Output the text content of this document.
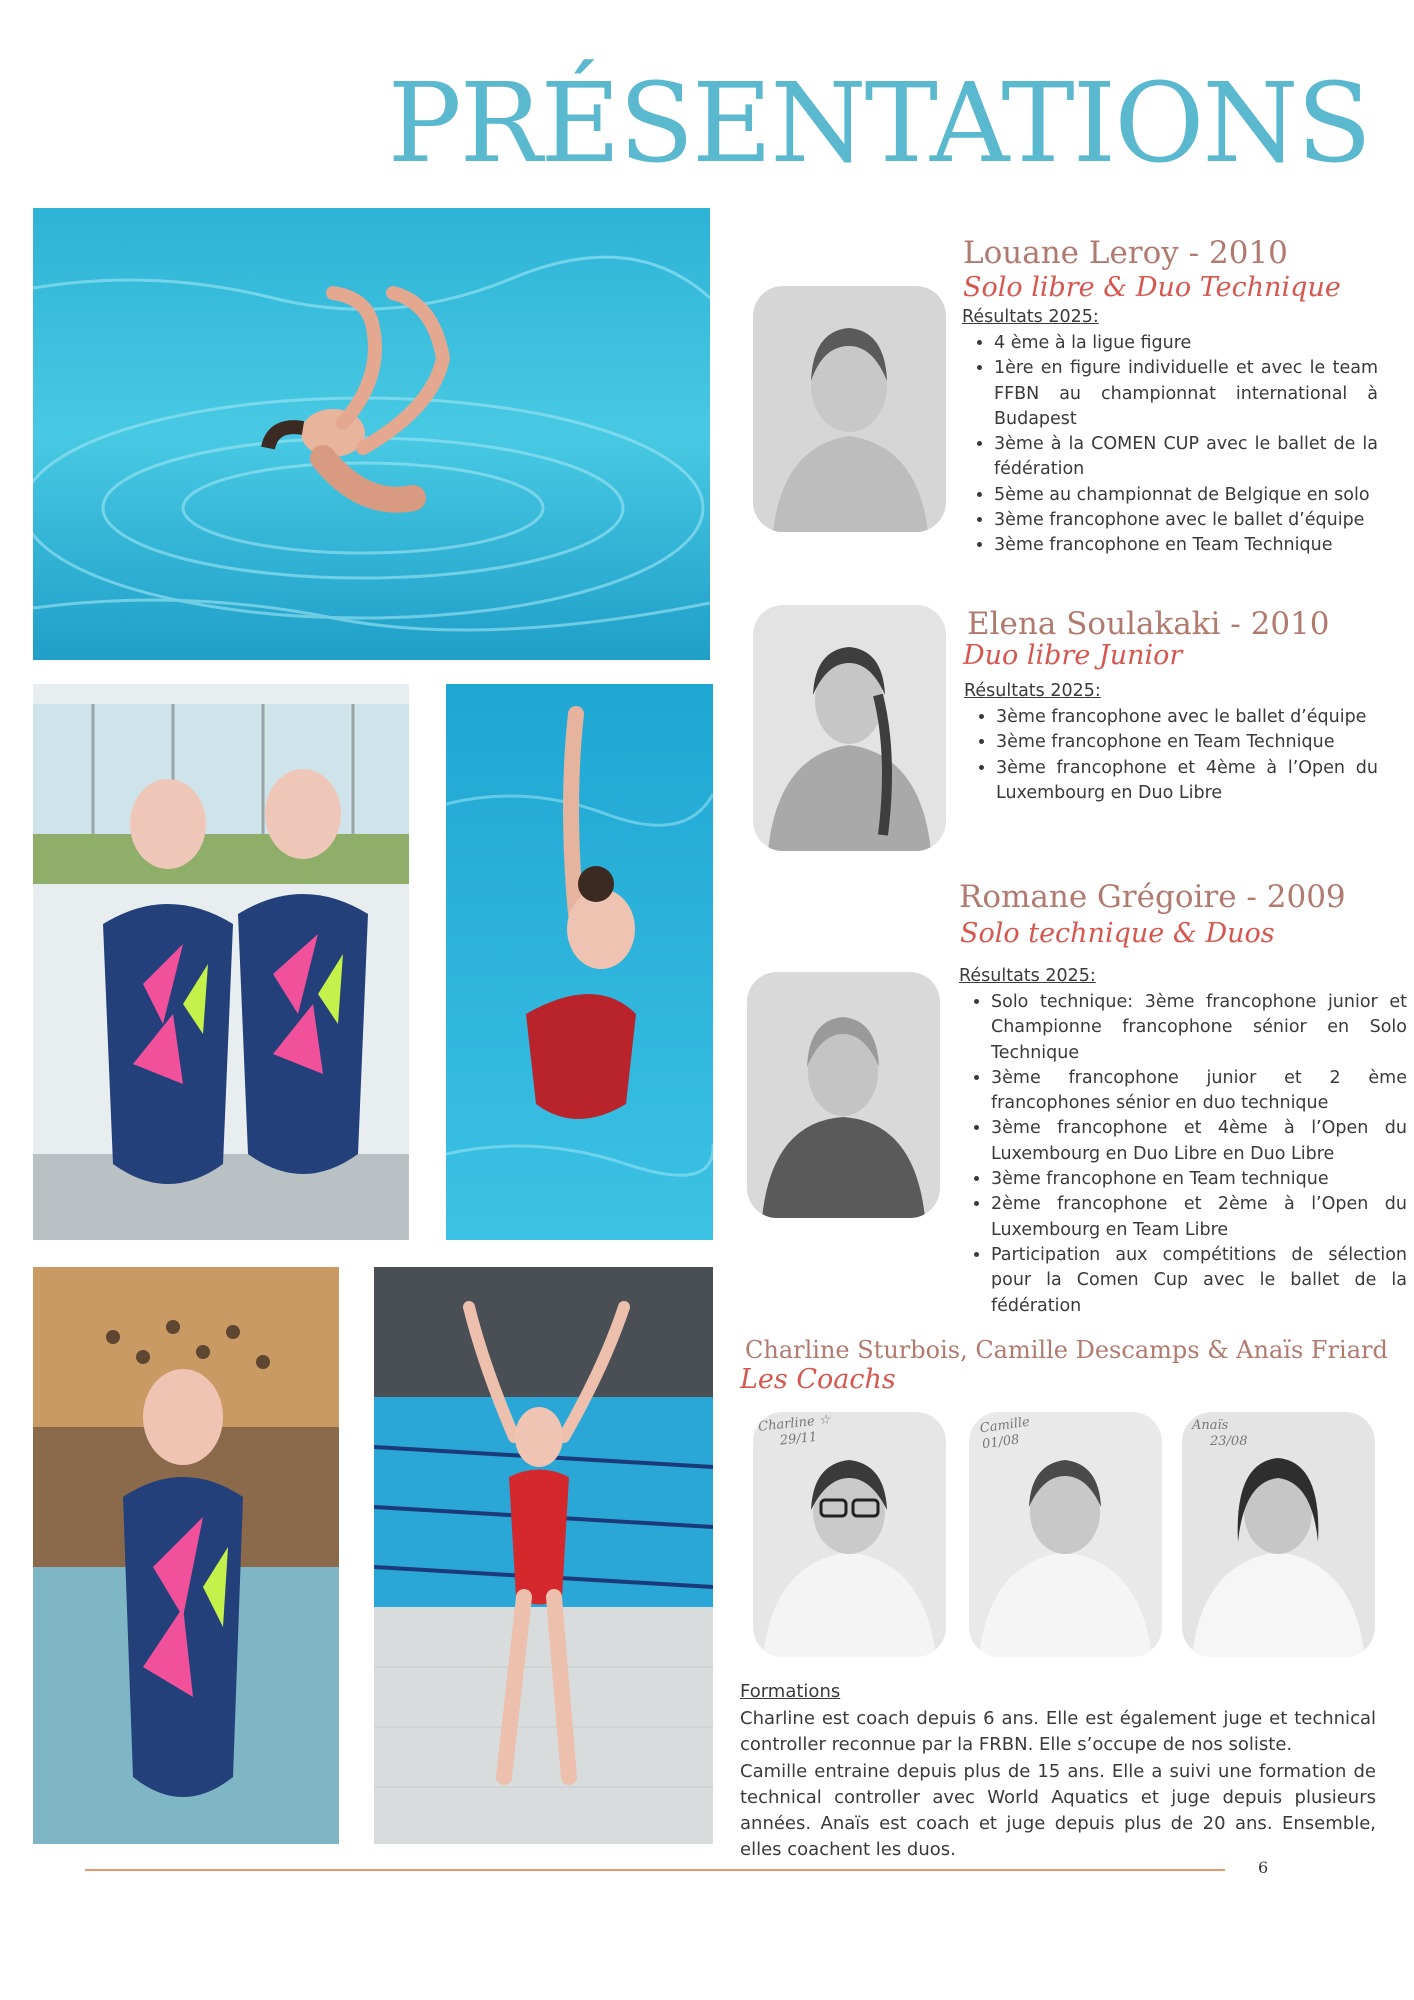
PRÉSENTATIONS
Louane Leroy - 2010
Solo libre & Duo Technique
Résultats 2025:
• 4 ème à la ligue figure
• 1ère en figure individuelle et avec le team FFBN au championnat international à Budapest
• 3ème à la COMEN CUP avec le ballet de la fédération
• 5ème au championnat de Belgique en solo
• 3ème francophone avec le ballet d’équipe
• 3ème francophone en Team Technique
Elena Soulakaki - 2010
Duo libre Junior
Résultats 2025:
• 3ème francophone avec le ballet d’équipe
• 3ème francophone en Team Technique
• 3ème francophone et 4ème à l’Open du Luxembourg en Duo Libre
Romane Grégoire - 2009
Solo technique & Duos
Résultats 2025:
• Solo technique: 3ème francophone junior et Championne francophone sénior en Solo Technique
• 3ème francophone junior et 2 ème francophones sénior en duo technique
• 3ème francophone et 4ème à l’Open du Luxembourg en Duo Libre en Duo Libre
• 3ème francophone en Team technique
• 2ème francophone et 2ème à l’Open du Luxembourg en Team Libre
• Participation aux compétitions de sélection pour la Comen Cup avec le ballet de la fédération
Charline Sturbois, Camille Descamps & Anaïs Friard
Les Coachs
Charline ☆
29/11
Camille
01/08
Anaïs
23/08
Formations

Charline est coach depuis 6 ans. Elle est également juge et technical controller reconnue par la FRBN. Elle s’occupe de nos soliste.

Camille entraine depuis plus de 15 ans. Elle a suivi une formation de technical controller avec World Aquatics et juge depuis plusieurs années. Anaïs est coach et juge depuis plus de 20 ans. Ensemble, elles coachent les duos.

6
